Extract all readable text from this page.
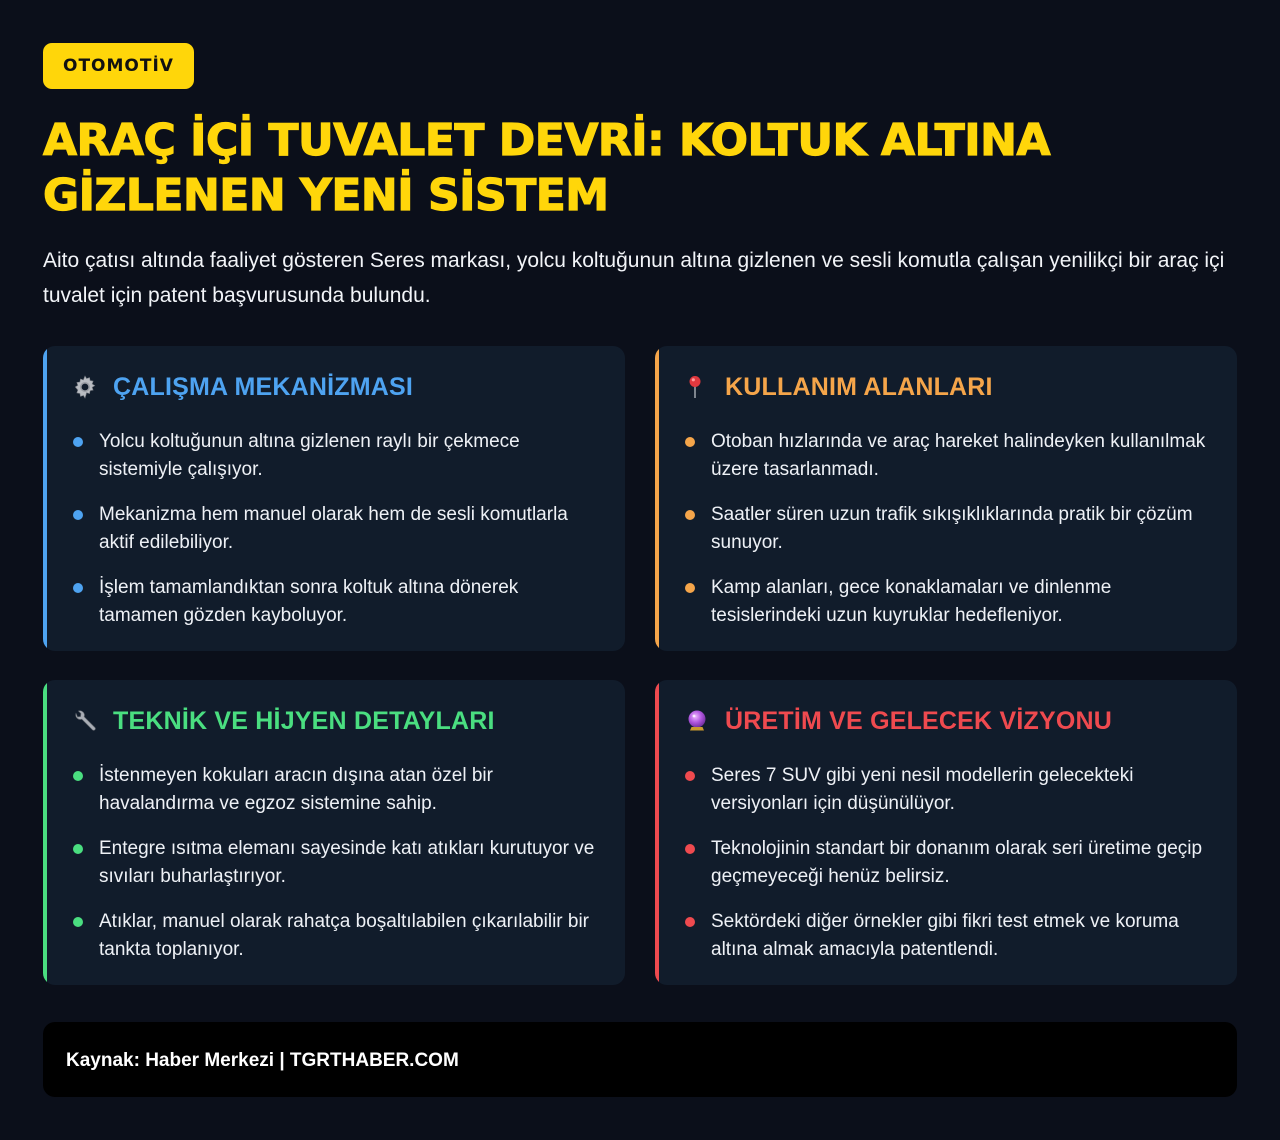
OTOMOTİV
ARAÇ İÇİ TUVALET DEVRİ: KOLTUK ALTINA GİZLENEN YENİ SİSTEM

Aito çatısı altında faaliyet gösteren Seres markası, yolcu koltuğunun altına gizlenen ve sesli komutla çalışan yenilikçi bir araç içi tuvalet için patent başvurusunda bulundu.

ÇALIŞMA MEKANİZMASI
Yolcu koltuğunun altına gizlenen raylı bir çekmece sistemiyle çalışıyor.
Mekanizma hem manuel olarak hem de sesli komutlarla aktif edilebiliyor.
İşlem tamamlandıktan sonra koltuk altına dönerek tamamen gözden kayboluyor.
KULLANIM ALANLARI
Otoban hızlarında ve araç hareket halindeyken kullanılmak üzere tasarlanmadı.
Saatler süren uzun trafik sıkışıklıklarında pratik bir çözüm sunuyor.
Kamp alanları, gece konaklamaları ve dinlenme tesislerindeki uzun kuyruklar hedefleniyor.
TEKNİK VE HİJYEN DETAYLARI
İstenmeyen kokuları aracın dışına atan özel bir havalandırma ve egzoz sistemine sahip.
Entegre ısıtma elemanı sayesinde katı atıkları kurutuyor ve sıvıları buharlaştırıyor.
Atıklar, manuel olarak rahatça boşaltılabilen çıkarılabilir bir tankta toplanıyor.
ÜRETİM VE GELECEK VİZYONU
Seres 7 SUV gibi yeni nesil modellerin gelecekteki versiyonları için düşünülüyor.
Teknolojinin standart bir donanım olarak seri üretime geçip geçmeyeceği henüz belirsiz.
Sektördeki diğer örnekler gibi fikri test etmek ve koruma altına almak amacıyla patentlendi.
Kaynak: Haber Merkezi | TGRTHABER.COM
